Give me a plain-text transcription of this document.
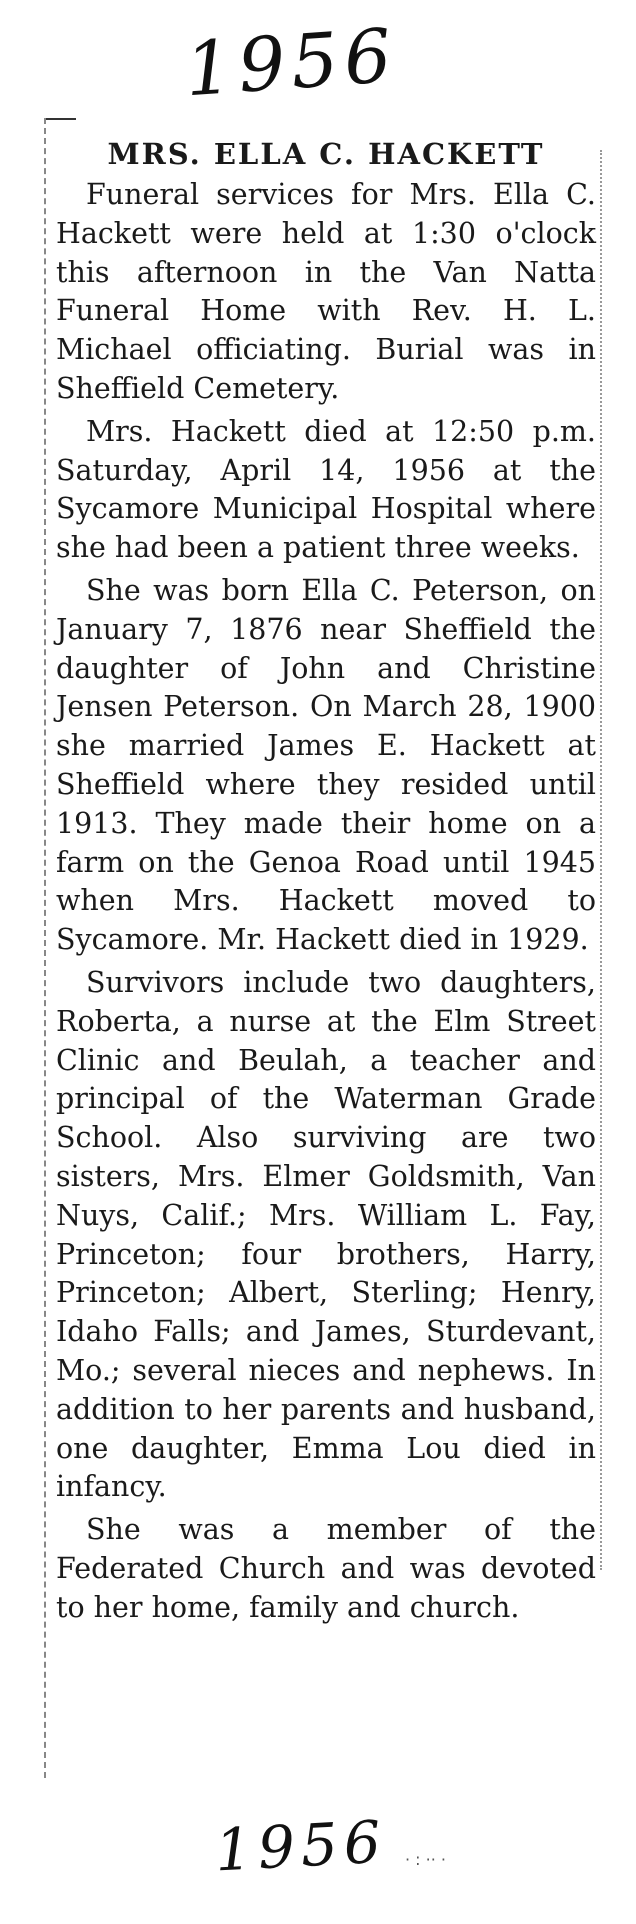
1956
MRS. ELLA C. HACKETT

Funeral services for Mrs. Ella C. Hackett were held at 1:30 o'clock this afternoon in the Van Natta Funeral Home with Rev. H. L. Michael officiating. Burial was in Sheffield Cemetery.

Mrs. Hackett died at 12:50 p.m. Saturday, April 14, 1956 at the Sycamore Municipal Hospital where she had been a patient three weeks.

She was born Ella C. Peterson, on January 7, 1876 near Sheffield the daughter of John and Christine Jensen Peterson. On March 28, 1900 she married James E. Hackett at Sheffield where they resided until 1913. They made their home on a farm on the Genoa Road until 1945 when Mrs. Hackett moved to Sycamore. Mr. Hackett died in 1929.

Survivors include two daughters, Roberta, a nurse at the Elm Street Clinic and Beulah, a teacher and principal of the Waterman Grade School. Also surviving are two sisters, Mrs. Elmer Goldsmith, Van Nuys, Calif.; Mrs. William L. Fay, Princeton; four brothers, Harry, Princeton; Albert, Sterling; Henry, Idaho Falls; and James, Sturdevant, Mo.; several nieces and nephews. In addition to her parents and husband, one daughter, Emma Lou died in infancy.

She was a member of the Federated Church and was devoted to her home, family and church.

1956 · : ·· ·
